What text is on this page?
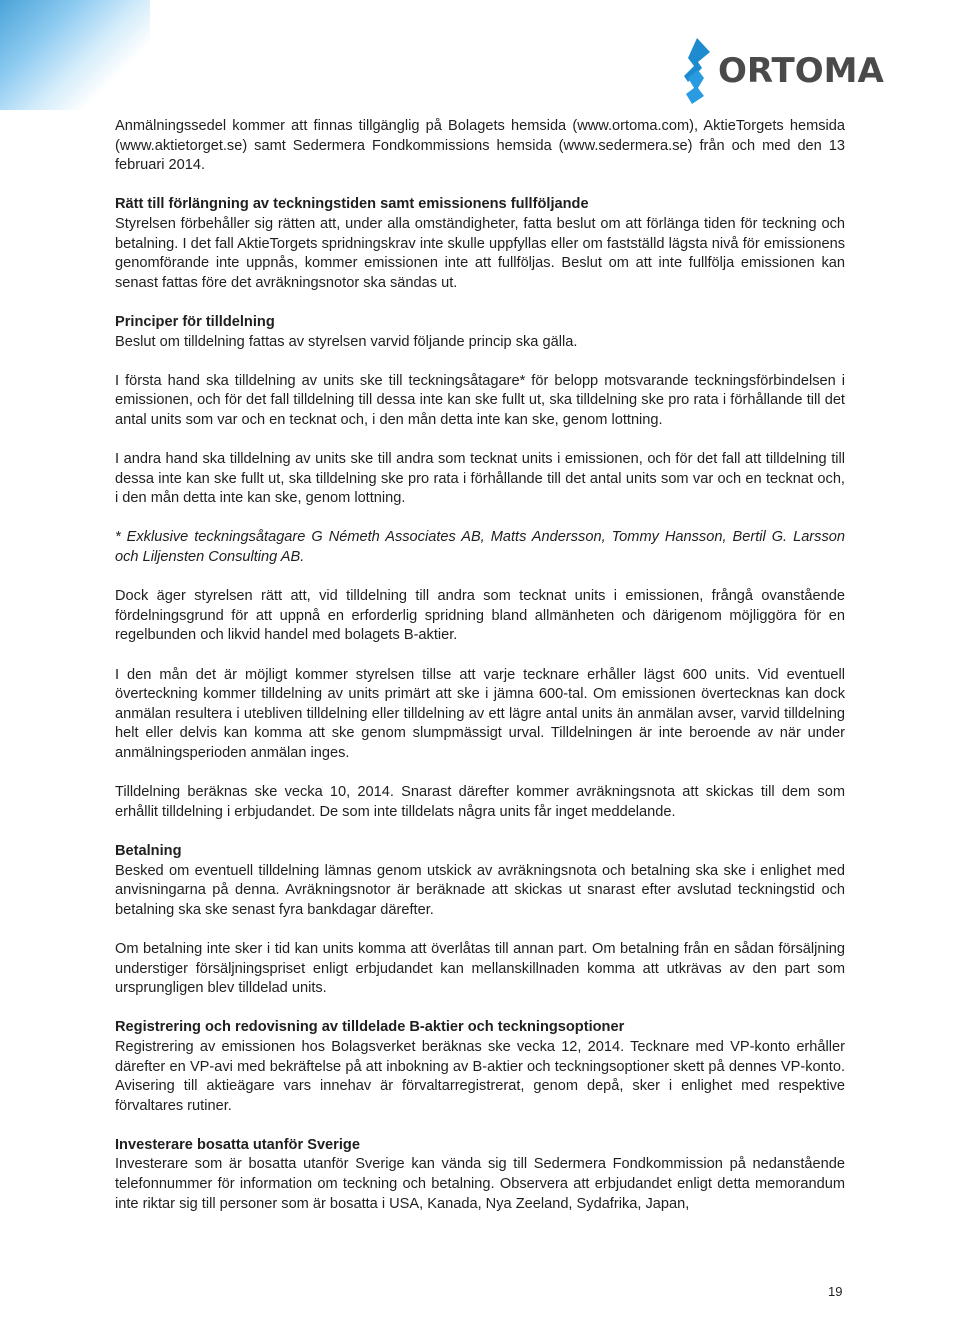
ORTOMA

Anmälningssedel kommer att finnas tillgänglig på Bolagets hemsida (www.ortoma.com), AktieTorgets hemsida (www.aktietorget.se) samt Sedermera Fondkommissions hemsida (www.sedermera.se) från och med den 13 februari 2014.

Rätt till förlängning av teckningstiden samt emissionens fullföljande

Styrelsen förbehåller sig rätten att, under alla omständigheter, fatta beslut om att förlänga tiden för teckning och betalning. I det fall AktieTorgets spridningskrav inte skulle uppfyllas eller om fastställd lägsta nivå för emissionens genomförande inte uppnås, kommer emissionen inte att fullföljas. Beslut om att inte fullfölja emissionen kan senast fattas före det avräkningsnotor ska sändas ut.

Principer för tilldelning

Beslut om tilldelning fattas av styrelsen varvid följande princip ska gälla.

I första hand ska tilldelning av units ske till teckningsåtagare* för belopp motsvarande teckningsförbindelsen i emissionen, och för det fall tilldelning till dessa inte kan ske fullt ut, ska tilldelning ske pro rata i förhållande till det antal units som var och en tecknat och, i den mån detta inte kan ske, genom lottning.

I andra hand ska tilldelning av units ske till andra som tecknat units i emissionen, och för det fall att tilldelning till dessa inte kan ske fullt ut, ska tilldelning ske pro rata i förhållande till det antal units som var och en tecknat och, i den mån detta inte kan ske, genom lottning.

* Exklusive teckningsåtagare G Németh Associates AB, Matts Andersson, Tommy Hansson, Bertil G. Larsson och Liljensten Consulting AB.

Dock äger styrelsen rätt att, vid tilldelning till andra som tecknat units i emissionen, frångå ovanstående fördelningsgrund för att uppnå en erforderlig spridning bland allmänheten och därigenom möjliggöra för en regelbunden och likvid handel med bolagets B-aktier.

I den mån det är möjligt kommer styrelsen tillse att varje tecknare erhåller lägst 600 units. Vid eventuell överteckning kommer tilldelning av units primärt att ske i jämna 600-tal. Om emissionen övertecknas kan dock anmälan resultera i utebliven tilldelning eller tilldelning av ett lägre antal units än anmälan avser, varvid tilldelning helt eller delvis kan komma att ske genom slumpmässigt urval. Tilldelningen är inte beroende av när under anmälningsperioden anmälan inges.

Tilldelning beräknas ske vecka 10, 2014. Snarast därefter kommer avräkningsnota att skickas till dem som erhållit tilldelning i erbjudandet. De som inte tilldelats några units får inget meddelande.

Betalning

Besked om eventuell tilldelning lämnas genom utskick av avräkningsnota och betalning ska ske i enlighet med anvisningarna på denna. Avräkningsnotor är beräknade att skickas ut snarast efter avslutad teckningstid och betalning ska ske senast fyra bankdagar därefter.

Om betalning inte sker i tid kan units komma att överlåtas till annan part. Om betalning från en sådan försäljning understiger försäljningspriset enligt erbjudandet kan mellanskillnaden komma att utkrävas av den part som ursprungligen blev tilldelad units.

Registrering och redovisning av tilldelade B-aktier och teckningsoptioner

Registrering av emissionen hos Bolagsverket beräknas ske vecka 12, 2014. Tecknare med VP-konto erhåller därefter en VP-avi med bekräftelse på att inbokning av B-aktier och teckningsoptioner skett på dennes VP-konto. Avisering till aktieägare vars innehav är förvaltarregistrerat, genom depå, sker i enlighet med respektive förvaltares rutiner.

Investerare bosatta utanför Sverige

Investerare som är bosatta utanför Sverige kan vända sig till Sedermera Fondkommission på nedanstående telefonnummer för information om teckning och betalning. Observera att erbjudandet enligt detta memorandum inte riktar sig till personer som är bosatta i USA, Kanada, Nya Zeeland, Sydafrika, Japan,

19
